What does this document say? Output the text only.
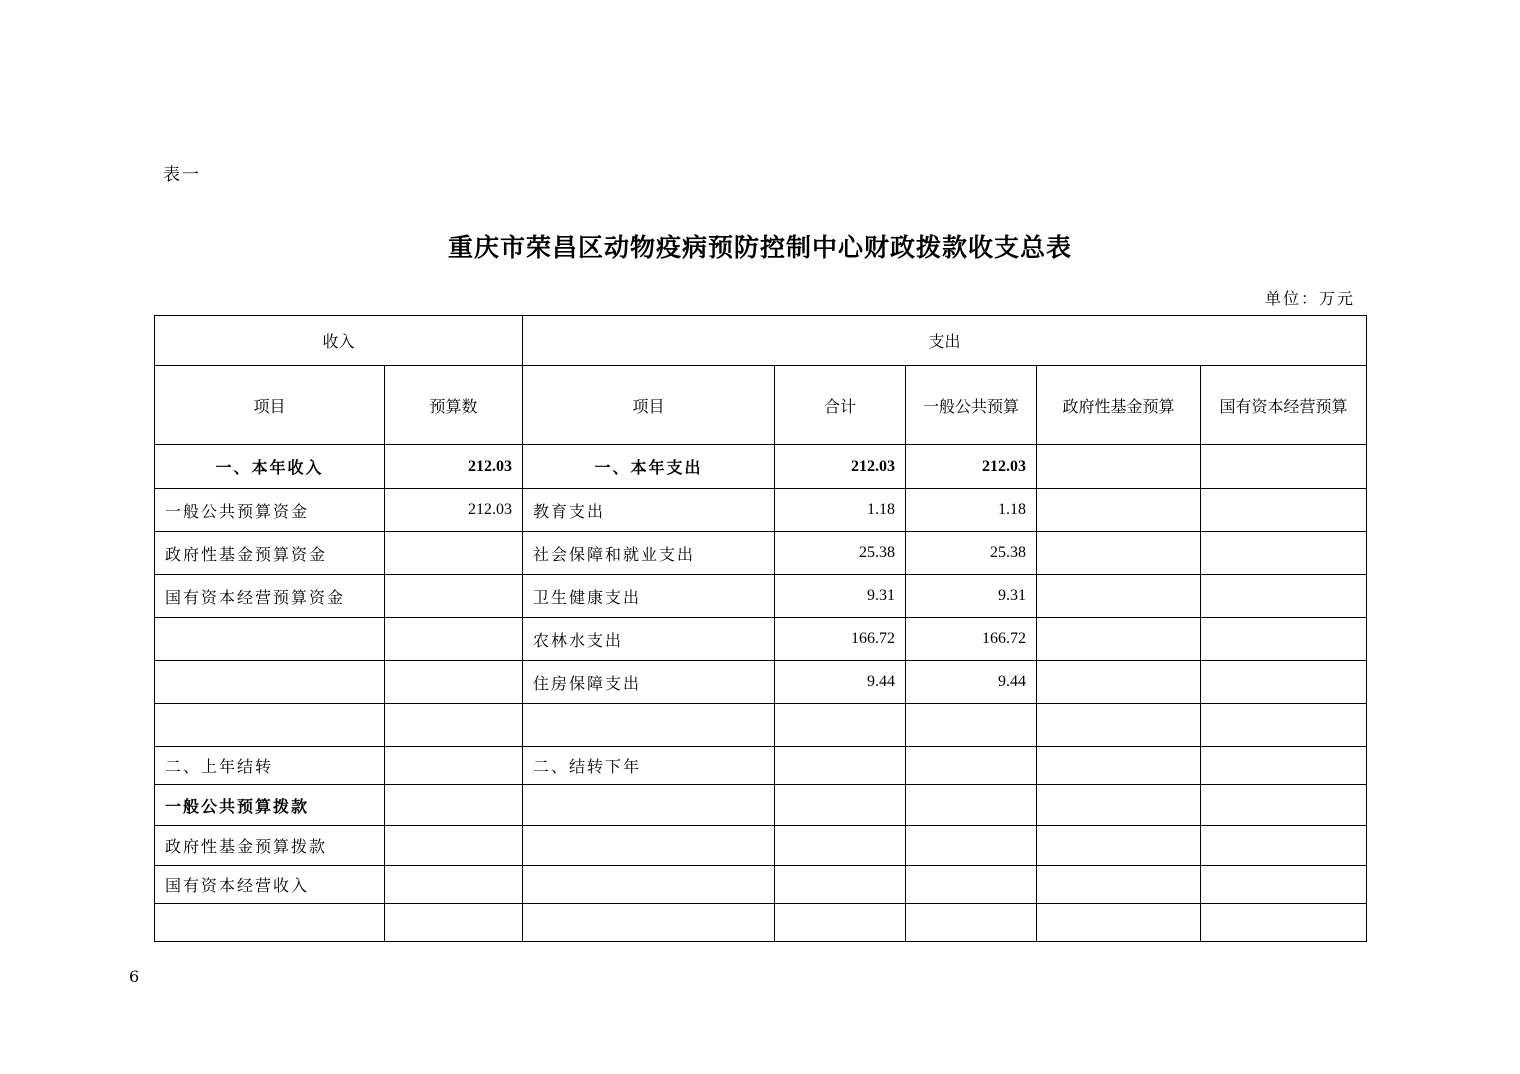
表一
重庆市荣昌区动物疫病预防控制中心财政拨款收支总表
单位：万元
收入		支出				
项目	预算数	项目	合计	一般公共预算	政府性基金预算	国有资本经营预算
一、本年收入	212.03	一、本年支出	212.03	212.03		
一般公共预算资金	212.03	教育支出	1.18	1.18		
政府性基金预算资金		社会保障和就业支出	25.38	25.38		
国有资本经营预算资金		卫生健康支出	9.31	9.31		
		农林水支出	166.72	166.72		
		住房保障支出	9.44	9.44		

二、上年结转		二、结转下年				
一般公共预算拨款						
政府性基金预算拨款						
国有资本经营收入						

6
